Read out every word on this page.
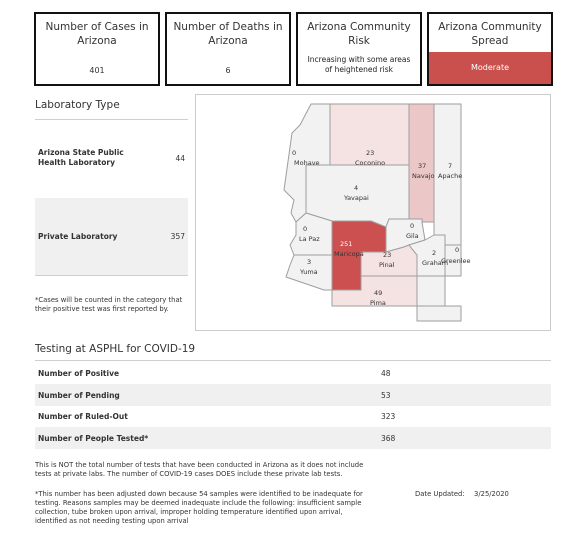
Number of Cases in Arizona
401
Number of Deaths in Arizona
6
Arizona Community Risk
Increasing with some areas of heightened risk
Arizona Community Spread
Moderate
Laboratory Type
Arizona State Public Health Laboratory	44
Private Laboratory	357
*Cases will be counted in the category that their positive test was first reported by.
0
Mohave
23
Coconino	37
Navajo
7
Apache
4
Yavapai
0
La Paz
251
Maricopa
0
Gila
23
Pinal
2
Graham
0
Greenlee
3
Yuma
49
Pima
Testing at ASPHL for COVID-19
Number of Positive	48
Number of Pending	53
Number of Ruled-Out	323
Number of People Tested*	368
This is NOT the total number of tests that have been conducted in Arizona as it does not include
tests at private labs. The number of COVID-19 cases DOES include these private lab tests.
*This number has been adjusted down because 54 samples were identified to be inadequate for
testing. Reasons samples may be deemed inadequate include the following: insufficient sample
collection, tube broken upon arrival, improper holding temperature identified upon arrival,
identified as not needing testing upon arrival
Date Updated: 3/25/2020
